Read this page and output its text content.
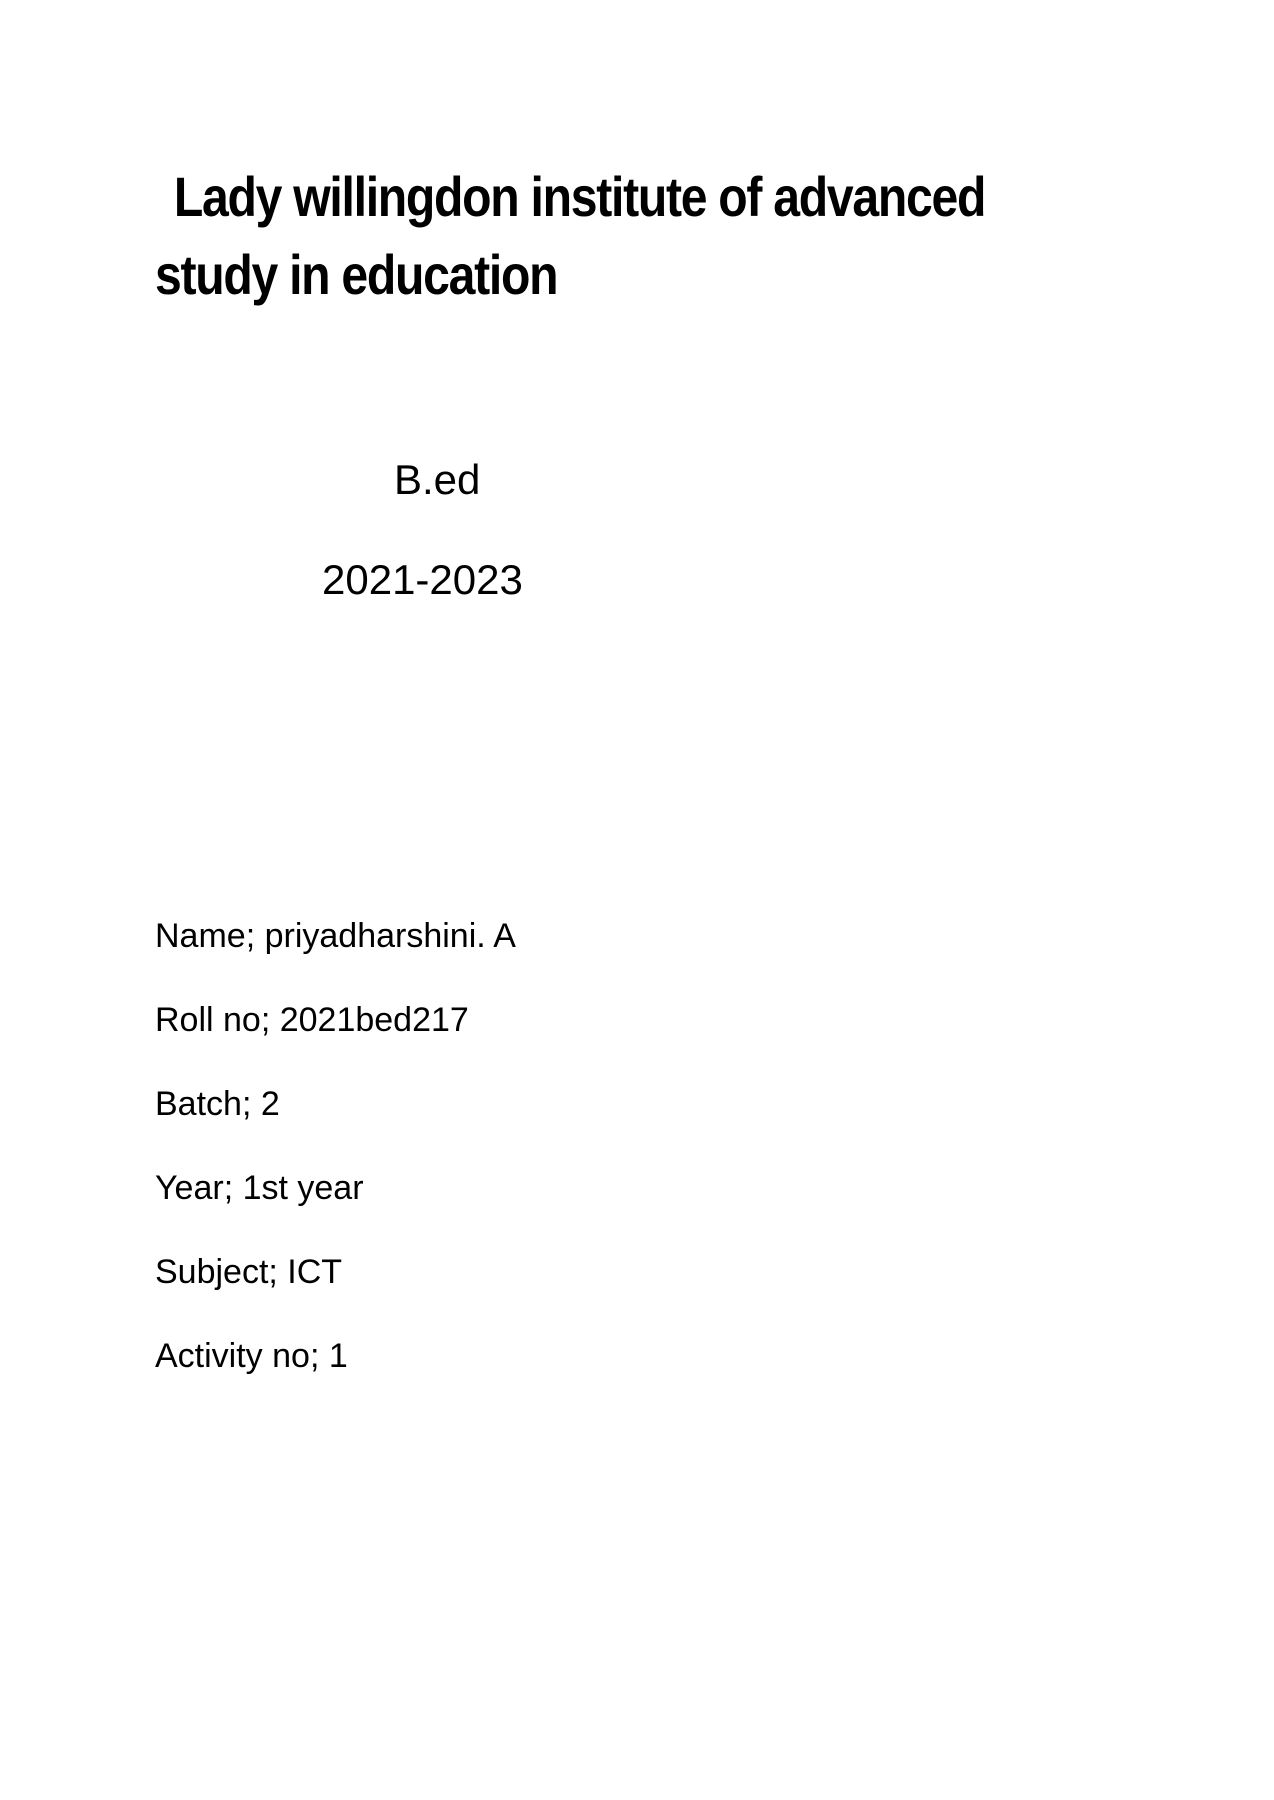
Lady willingdon institute of advanced
study in education

B.ed

2021-2023

Name; priyadharshini. A
Roll no; 2021bed217
Batch; 2
Year; 1st year
Subject; ICT
Activity no; 1
